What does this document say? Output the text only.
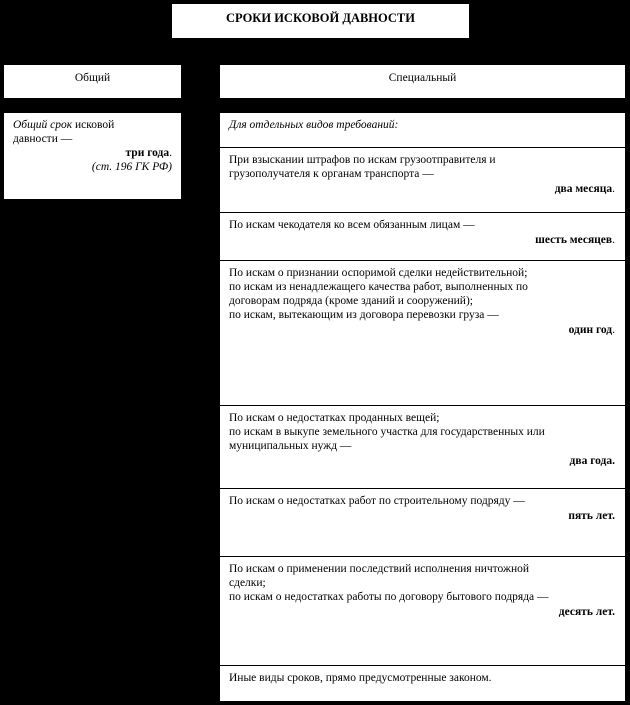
СРОКИ ИСКОВОЙ ДАВНОСТИ
Общий	Специальный
Общий срок исковой
давности —
три года.
(ст. 196 ГК РФ)
Для отдельных видов требований:
При взыскании штрафов по искам грузоотправителя и
грузополучателя к органам транспорта —
два месяца.
По искам чекодателя ко всем обязанным лицам —
шесть месяцев.
По искам о признании оспоримой сделки недействительной;
по искам из ненадлежащего качества работ, выполненных по
договорам подряда (кроме зданий и сооружений);
по искам, вытекающим из договора перевозки груза —
один год.
По искам о недостатках проданных вещей;
по искам в выкупе земельного участка для государственных или
муниципальных нужд —
два года.
По искам о недостатках работ по строительному подряду —
пять лет.
По искам о применении последствий исполнения ничтожной
сделки;
по искам о недостатках работы по договору бытового подряда —
десять лет.
Иные виды сроков, прямо предусмотренные законом.
